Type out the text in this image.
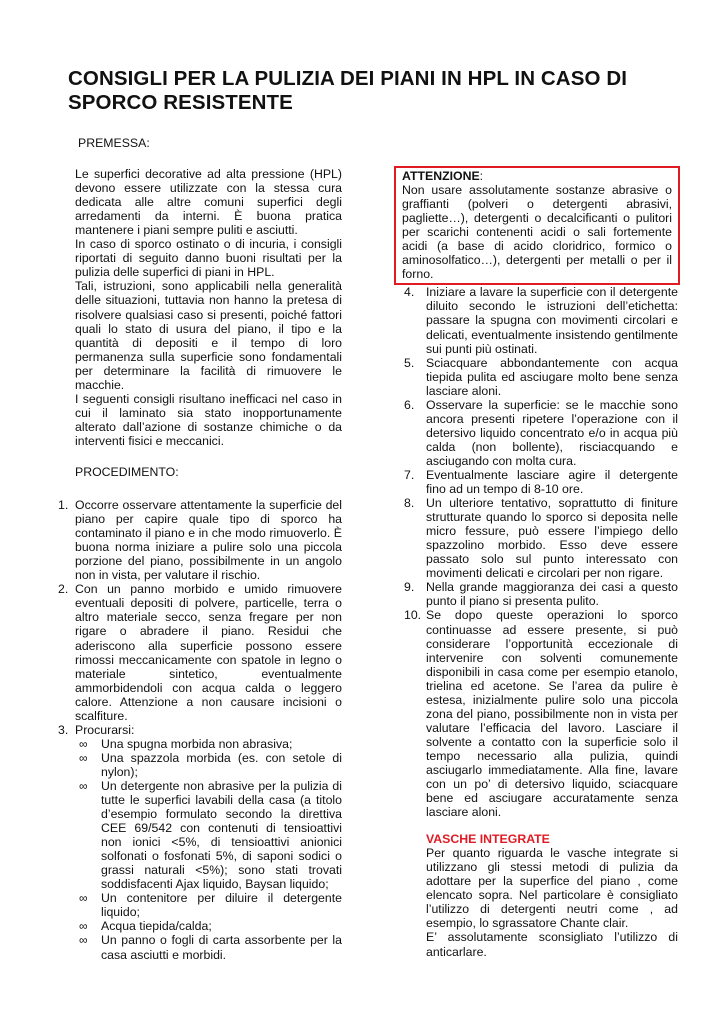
CONSIGLI PER LA PULIZIA DEI PIANI IN HPL IN CASO DI SPORCO RESISTENTE
PREMESSA:

Le superfici decorative ad alta pressione (HPL) devono essere utilizzate con la stessa cura dedicata alle altre comuni superfici degli arredamenti da interni. È buona pratica mantenere i piani sempre puliti e asciutti.

In caso di sporco ostinato o di incuria, i consigli riportati di seguito danno buoni risultati per la pulizia delle superfici di piani in HPL.

Tali, istruzioni, sono applicabili nella generalità delle situazioni, tuttavia non hanno la pretesa di risolvere qualsiasi caso si presenti, poiché fattori quali lo stato di usura del piano, il tipo e la quantità di depositi e il tempo di loro permanenza sulla superficie sono fondamentali per determinare la facilità di rimuovere le macchie.

I seguenti consigli risultano inefficaci nel caso in cui il laminato sia stato inopportunamente alterato dall’azione di sostanze chimiche o da interventi fisici e meccanici.

PROCEDIMENTO:
1. Occorre osservare attentamente la superficie del piano per capire quale tipo di sporco ha contaminato il piano e in che modo rimuoverlo. È buona norma iniziare a pulire solo una piccola porzione del piano, possibilmente in un angolo non in vista, per valutare il rischio.
2. Con un panno morbido e umido rimuovere eventuali depositi di polvere, particelle, terra o altro materiale secco, senza fregare per non rigare o abradere il piano. Residui che aderiscono alla superficie possono essere rimossi meccanicamente con spatole in legno o materiale sintetico, eventualmente ammorbidendoli con acqua calda o leggero calore. Attenzione a non causare incisioni o scalfiture.
3. Procurarsi:
∞ Una spugna morbida non abrasiva;
∞ Una spazzola morbida (es. con setole di nylon);
∞ Un detergente non abrasive per la pulizia di tutte le superfici lavabili della casa (a titolo d’esempio formulato secondo la direttiva CEE 69/542 con contenuti di tensioattivi non ionici <5%, di tensioattivi anionici solfonati o fosfonati 5%, di saponi sodici o grassi naturali <5%); sono stati trovati soddisfacenti Ajax liquido, Baysan liquido;
∞ Un contenitore per diluire il detergente liquido;
∞ Acqua tiepida/calda;
∞ Un panno o fogli di carta assorbente per la casa asciutti e morbidi.
ATTENZIONE:
Non usare assolutamente sostanze abrasive o graffianti (polveri o detergenti abrasivi, pagliette…), detergenti o decalcificanti o pulitori per scarichi contenenti acidi o sali fortemente acidi (a base di acido cloridrico, formico o aminosolfatico…), detergenti per metalli o per il forno.
4. Iniziare a lavare la superficie con il detergente diluito secondo le istruzioni dell’etichetta: passare la spugna con movimenti circolari e delicati, eventualmente insistendo gentilmente sui punti più ostinati.
5. Sciacquare abbondantemente con acqua tiepida pulita ed asciugare molto bene senza lasciare aloni.
6. Osservare la superficie: se le macchie sono ancora presenti ripetere l’operazione con il detersivo liquido concentrato e/o in acqua più calda (non bollente), risciacquando e asciugando con molta cura.
7. Eventualmente lasciare agire il detergente fino ad un tempo di 8-10 ore.
8. Un ulteriore tentativo, soprattutto di finiture strutturate quando lo sporco si deposita nelle micro fessure, può essere l’impiego dello spazzolino morbido. Esso deve essere passato solo sul punto interessato con movimenti delicati e circolari per non rigare.
9. Nella grande maggioranza dei casi a questo punto il piano si presenta pulito.
10. Se dopo queste operazioni lo sporco continuasse ad essere presente, si può considerare l’opportunità eccezionale di intervenire con solventi comunemente disponibili in casa come per esempio etanolo, trielina ed acetone. Se l’area da pulire è estesa, inizialmente pulire solo una piccola zona del piano, possibilmente non in vista per valutare l’efficacia del lavoro. Lasciare il solvente a contatto con la superficie solo il tempo necessario alla pulizia, quindi asciugarlo immediatamente. Alla fine, lavare con un po’ di detersivo liquido, sciacquare bene ed asciugare accuratamente senza lasciare aloni.
VASCHE INTEGRATE
Per quanto riguarda le vasche integrate si utilizzano gli stessi metodi di pulizia da adottare per la superfice del piano , come elencato sopra. Nel particolare è consigliato l’utilizzo di detergenti neutri come , ad esempio, lo sgrassatore Chante clair.
E’ assolutamente sconsigliato l’utilizzo di anticarlare.
